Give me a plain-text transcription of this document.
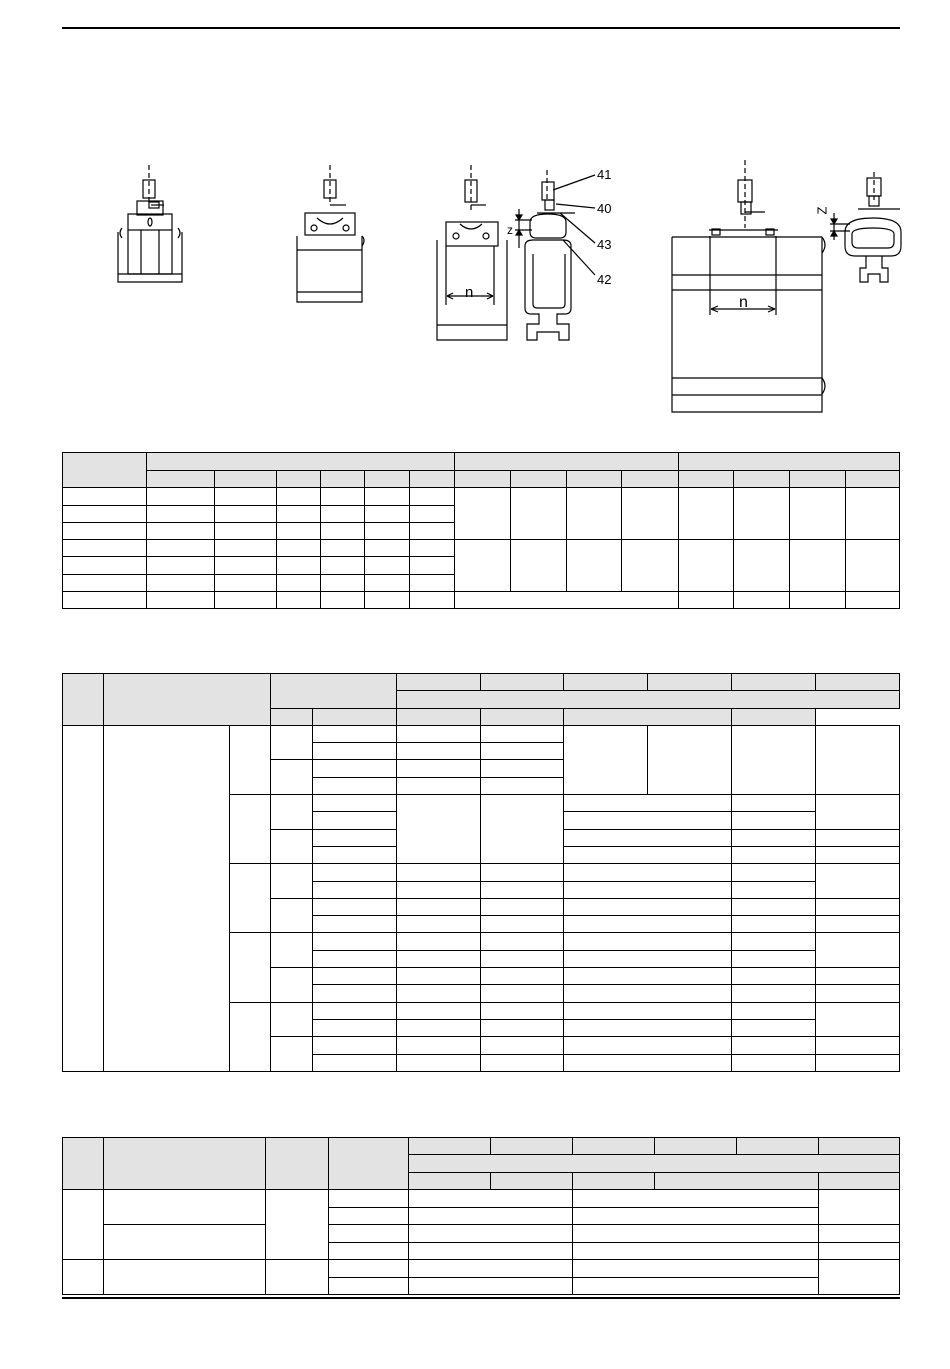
41
40
43
42
n
z
n
Z
